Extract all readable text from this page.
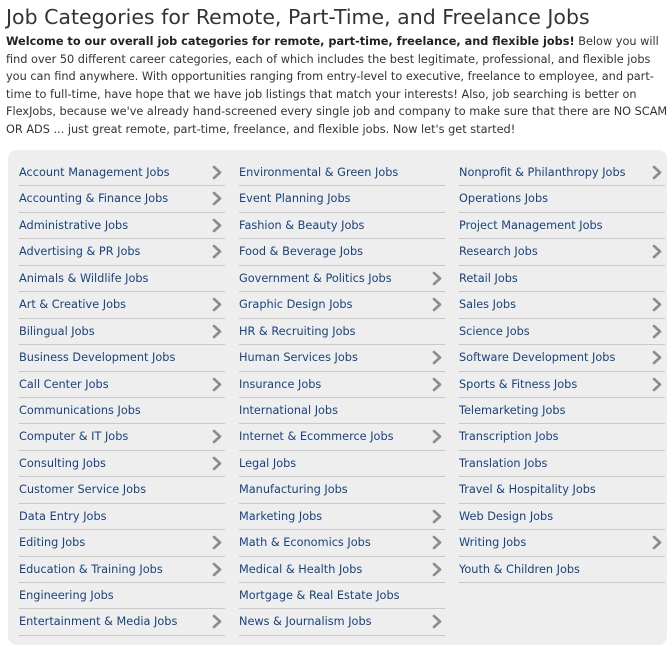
Job Categories for Remote, Part-Time, and Freelance Jobs

Welcome to our overall job categories for remote, part-time, freelance, and flexible jobs! Below you will find over 50 different career categories, each of which includes the best legitimate, professional, and flexible jobs you can find anywhere. With opportunities ranging from entry-level to executive, freelance to employee, and part-time to full-time, have hope that we have job listings that match your interests! Also, job searching is better on FlexJobs, because we've already hand-screened every single job and company to make sure that there are NO SCAM OR ADS ... just great remote, part-time, freelance, and flexible jobs. Now let's get started!

Account Management Jobs
Accounting & Finance Jobs
Administrative Jobs
Advertising & PR Jobs
Animals & Wildlife Jobs
Art & Creative Jobs
Bilingual Jobs
Business Development Jobs
Call Center Jobs
Communications Jobs
Computer & IT Jobs
Consulting Jobs
Customer Service Jobs
Data Entry Jobs
Editing Jobs
Education & Training Jobs
Engineering Jobs
Entertainment & Media Jobs
Environmental & Green Jobs
Event Planning Jobs
Fashion & Beauty Jobs
Food & Beverage Jobs
Government & Politics Jobs
Graphic Design Jobs
HR & Recruiting Jobs
Human Services Jobs
Insurance Jobs
International Jobs
Internet & Ecommerce Jobs
Legal Jobs
Manufacturing Jobs
Marketing Jobs
Math & Economics Jobs
Medical & Health Jobs
Mortgage & Real Estate Jobs
News & Journalism Jobs
Nonprofit & Philanthropy Jobs
Operations Jobs
Project Management Jobs
Research Jobs
Retail Jobs
Sales Jobs
Science Jobs
Software Development Jobs
Sports & Fitness Jobs
Telemarketing Jobs
Transcription Jobs
Translation Jobs
Travel & Hospitality Jobs
Web Design Jobs
Writing Jobs
Youth & Children Jobs
